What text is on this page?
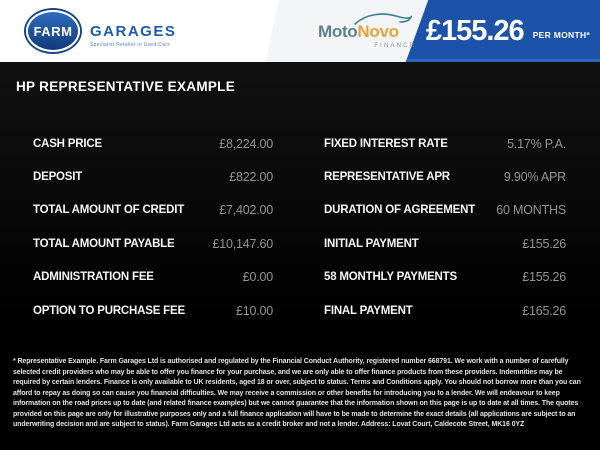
FARM GARAGES
Specialist Retailer in Used Cars
MotoNovo
FINANCE £155.26 PER MONTH*
HP REPRESENTATIVE EXAMPLE
CASH PRICE	£8,224.00
DEPOSIT	£822.00
TOTAL AMOUNT OF CREDIT	£7,402.00
TOTAL AMOUNT PAYABLE	£10,147.60
ADMINISTRATION FEE	£0.00
OPTION TO PURCHASE FEE	£10.00
FIXED INTEREST RATE	5.17% P.A.
REPRESENTATIVE APR	9.90% APR
DURATION OF AGREEMENT 60 MONTHS
INITIAL PAYMENT	£155.26
58 MONTHLY PAYMENTS	£155.26
FINAL PAYMENT	£165.26
* Representative Example. Farm Garages Ltd is authorised and regulated by the Financial Conduct Authority, registered number 668791. We work with a number of carefully selected credit providers who may be able to offer you finance for your purchase, and we are only able to offer finance products from these providers. Indemnities may be required by certain lenders. Finance is only available to UK residents, aged 18 or over, subject to status. Terms and Conditions apply. You should not borrow more than you can afford to repay as doing so can cause you financial difficulties. We may receive a commission or other benefits for introducing you to a lender. We will endeavour to keep information on the road prices up to date (and related finance examples) but we cannot guarantee that the information shown on this page is up to date at all times. The quotes provided on this page are only for illustrative purposes only and a full finance application will have to be made to determine the exact details (all applications are subject to an underwriting decision and are subject to status). Farm Garages Ltd acts as a credit broker and not a lender. Address: Lovat Court, Caldecote Street, MK16 0YZ
